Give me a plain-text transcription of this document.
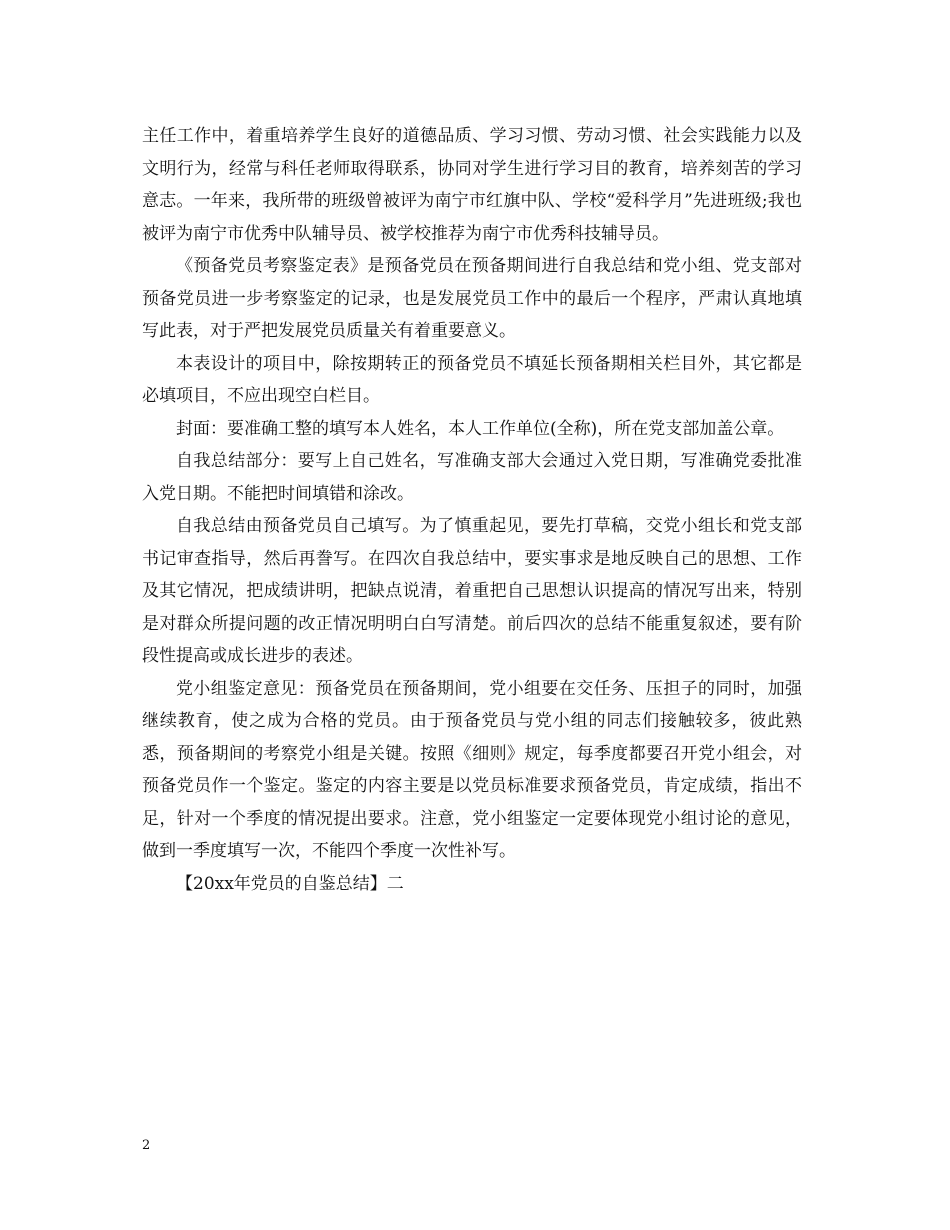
主任工作中，着重培养学生良好的道德品质、学习习惯、劳动习惯、社会实践能力以及文明行为，经常与科任老师取得联系，协同对学生进行学习目的教育，培养刻苦的学习意志。一年来，我所带的班级曾被评为南宁市红旗中队、学校“爱科学月”先进班级;我也被评为南宁市优秀中队辅导员、被学校推荐为南宁市优秀科技辅导员。

《预备党员考察鉴定表》是预备党员在预备期间进行自我总结和党小组、党支部对预备党员进一步考察鉴定的记录，也是发展党员工作中的最后一个程序，严肃认真地填写此表，对于严把发展党员质量关有着重要意义。

本表设计的项目中，除按期转正的预备党员不填延长预备期相关栏目外，其它都是必填项目，不应出现空白栏目。

封面：要准确工整的填写本人姓名，本人工作单位(全称)，所在党支部加盖公章。

自我总结部分：要写上自己姓名，写准确支部大会通过入党日期，写准确党委批准入党日期。不能把时间填错和涂改。

自我总结由预备党员自己填写。为了慎重起见，要先打草稿，交党小组长和党支部书记审查指导，然后再誊写。在四次自我总结中，要实事求是地反映自己的思想、工作及其它情况，把成绩讲明，把缺点说清，着重把自己思想认识提高的情况写出来，特别是对群众所提问题的改正情况明明白白写清楚。前后四次的总结不能重复叙述，要有阶段性提高或成长进步的表述。

党小组鉴定意见：预备党员在预备期间，党小组要在交任务、压担子的同时，加强继续教育，使之成为合格的党员。由于预备党员与党小组的同志们接触较多，彼此熟悉，预备期间的考察党小组是关键。按照《细则》规定，每季度都要召开党小组会，对预备党员作一个鉴定。鉴定的内容主要是以党员标准要求预备党员，肯定成绩，指出不足，针对一个季度的情况提出要求。注意，党小组鉴定一定要体现党小组讨论的意见，做到一季度填写一次，不能四个季度一次性补写。

【20xx年党员的自鉴总结】二

2
